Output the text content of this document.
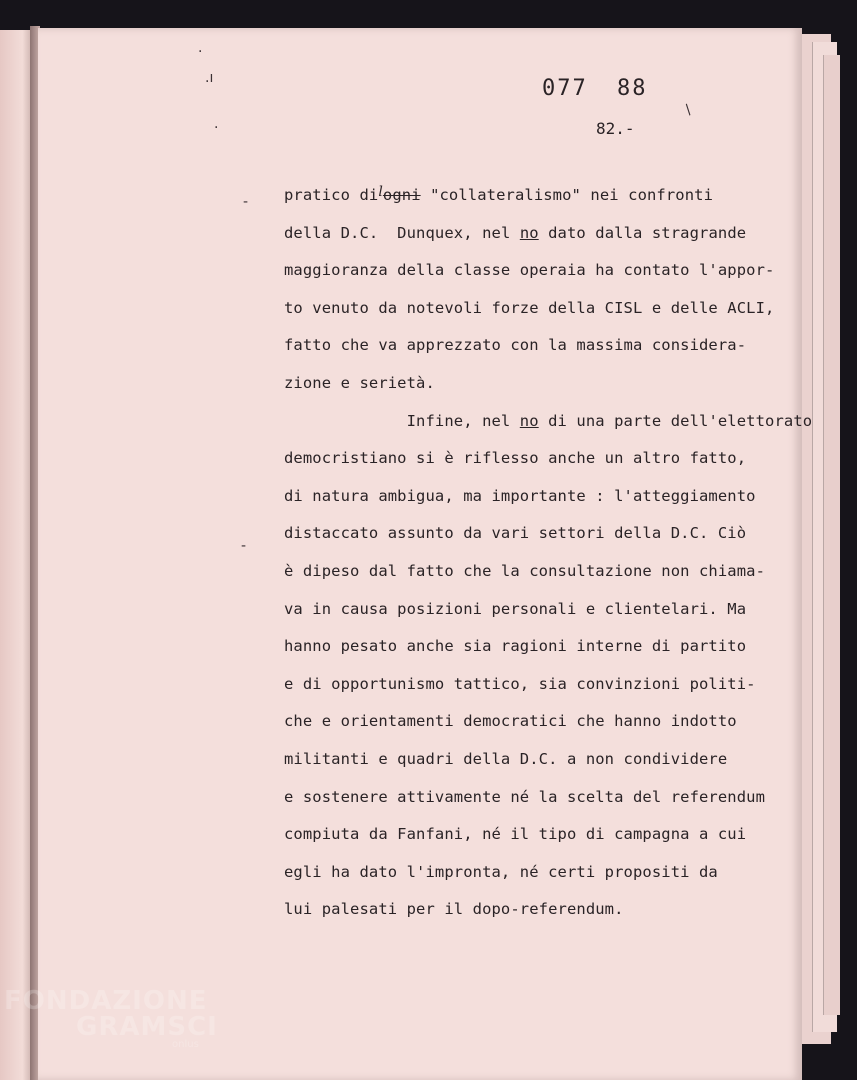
077 88
82.-
·
.ı
·
/
-
-
pratico dilogni "collateralismo" nei confronti
della D.C.  Dunquex, nel no dato dalla stragrande
maggioranza della classe operaia ha contato l'appor-
to venuto da notevoli forze della CISL e delle ACLI,
fatto che va apprezzato con la massima considera-
zione e serietà.
Infine, nel no di una parte dell'elettorato
democristiano si è riflesso anche un altro fatto,
di natura ambigua, ma importante : l'atteggiamento
distaccato assunto da vari settori della D.C. Ciò
è dipeso dal fatto che la consultazione non chiama-
va in causa posizioni personali e clientelari. Ma
hanno pesato anche sia ragioni interne di partito
e di opportunismo tattico, sia convinzioni politi-
che e orientamenti democratici che hanno indotto
militanti e quadri della D.C. a non condividere
e sostenere attivamente né la scelta del referendum
compiuta da Fanfani, né il tipo di campagna a cui
egli ha dato l'impronta, né certi propositi da
lui palesati per il dopo-referendum.
FONDAZIONE
GRAMSCI
onlus
